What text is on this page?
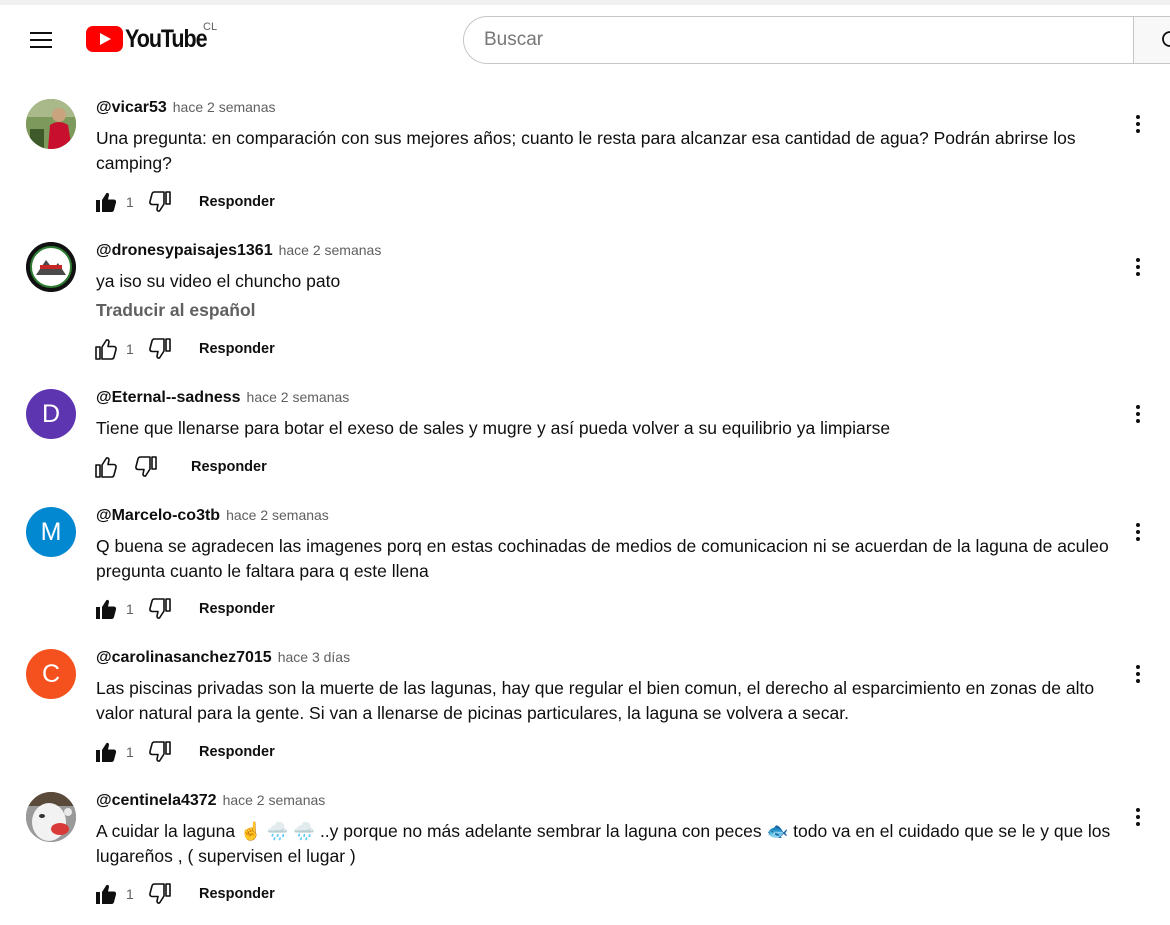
YouTube
CL
Buscar
@vicar53 hace 2 semanas
Una pregunta: en comparación con sus mejores años; cuanto le resta para alcanzar esa cantidad de agua? Podrán abrirse los camping?
1	Responder
@dronesypaisajes1361 hace 2 semanas
ya iso su video el chuncho pato
Traducir al español
1	Responder
D
@Eternal--sadness hace 2 semanas
Tiene que llenarse para botar el exeso de sales y mugre y así pueda volver a su equilibrio ya limpiarse
Responder
M
@Marcelo-co3tb hace 2 semanas
Q buena se agradecen las imagenes porq en estas cochinadas de medios de comunicacion ni se acuerdan de la laguna de aculeo pregunta cuanto le faltara para q este llena
1	Responder
C
@carolinasanchez7015 hace 3 días
Las piscinas privadas son la muerte de las lagunas, hay que regular el bien comun, el derecho al esparcimiento en zonas de alto valor natural para la gente. Si van a llenarse de picinas particulares, la laguna se volvera a secar.
1	Responder
@centinela4372 hace 2 semanas
A cuidar la laguna ☝️ 🌧️ 🌧️ ..y porque no más adelante sembrar la laguna con peces 🐟 todo va en el cuidado que se le y que los lugareños , ( supervisen el lugar )
1	Responder
